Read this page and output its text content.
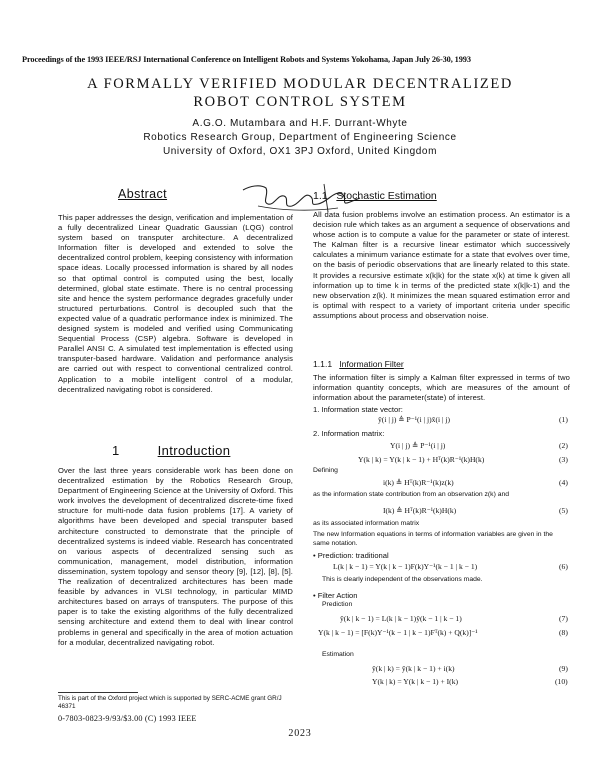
Proceedings of the 1993 IEEE/RSJ International Conference on Intelligent Robots and Systems Yokohama, Japan July 26-30, 1993
A FORMALLY VERIFIED MODULAR DECENTRALIZED
ROBOT CONTROL SYSTEM
A.G.O. Mutambara and H.F. Durrant-Whyte
Robotics Research Group, Department of Engineering Science
University of Oxford, OX1 3PJ Oxford, United Kingdom
Abstract
This paper addresses the design, verification and implementation of a fully decentralized Linear Quadratic Gaussian (LQG) control system based on transputer architecture. A decentralized Information filter is developed and extended to solve the decentralized control problem, keeping consistency with information space ideas. Locally processed information is shared by all nodes so that optimal control is computed using the best, locally determined, global state estimate. There is no central processing site and hence the system performance degrades gracefully under structured perturbations. Control is decoupled such that the expected value of a quadratic performance index is minimized. The designed system is modeled and verified using Communicating Sequential Process (CSP) algebra. Software is developed in Parallel ANSI C. A simulated test implementation is effected using transputer-based hardware. Validation and performance analysis are carried out with respect to conventional centralized control. Application to a mobile intelligent control of a modular, decentralized navigating robot is considered.
1	Introduction
Over the last three years considerable work has been done on decentralized estimation by the Robotics Research Group, Department of Engineering Science at the University of Oxford. This work involves the development of decentralized discrete-time fixed structure for multi-node data fusion problems [17]. A variety of algorithms have been developed and special transputer based architecture constructed to demonstrate that the principle of decentralized systems is indeed viable. Research has concentrated on various aspects of decentralized sensing such as communication, management, model distribution, information dissemination, system topology and sensor theory [9], [12], [8], [5]. The realization of decentralized architectures has been made feasible by advances in VLSI technology, in particular MIMD architectures based on arrays of transputers. The purpose of this paper is to take the existing algorithms of the fully decentralized sensing architecture and extend them to deal with linear control problems in general and specifically in the area of motion actuation for a modular, decentralized navigating robot.
This is part of the Oxford project which is supported by SERC-ACME grant GR/J 46371
0-7803-0823-9/93/$3.00 (C) 1993 IEEE
2023
1.1 Stochastic Estimation
All data fusion problems involve an estimation process. An estimator is a decision rule which takes as an argument a sequence of observations and whose action is to compute a value for the parameter or state of interest. The Kalman filter is a recursive linear estimator which successively calculates a minimum variance estimate for a state that evolves over time, on the basis of periodic observations that are linearly related to this state. It provides a recursive estimate x(k|k) for the state x(k) at time k given all information up to time k in terms of the predicted state x(k|k-1) and the new observation z(k). It minimizes the mean squared estimation error and is optimal with respect to a variety of important criteria under specific assumptions about process and observation noise.
1.1.1 Information Filter
The information filter is simply a Kalman filter expressed in terms of two information quantity concepts, which are measures of the amount of information about the parameter(state) of interest.
1. Information state vector:
ŷ(i | j) ≜ P⁻¹(i | j)x̂(i | j)	(1)
2. Information matrix:
Y(i | j) ≜ P⁻¹(i | j)	(2)
Y(k | k) = Y(k | k − 1) + Hᵀ(k)R⁻¹(k)H(k)	(3)
Defining
i(k) ≜ Hᵀ(k)R⁻¹(k)z(k)	(4)
as the information state contribution from an observation z(k) and
I(k) ≜ Hᵀ(k)R⁻¹(k)H(k)	(5)
as its associated information matrix
The new Information equations in terms of information variables are given in the same notation.
• Prediction: traditional
L(k | k − 1) = Y(k | k − 1)F(k)Y⁻¹(k − 1 | k − 1)	(6)
This is clearly independent of the observations made.
• Filter Action
Prediction
ŷ(k | k − 1) = L(k | k − 1)ŷ(k − 1 | k − 1)	(7)
Y(k | k − 1) = [F(k)Y⁻¹(k − 1 | k − 1)Fᵀ(k) + Q(k)]⁻¹	(8)
Estimation
ŷ(k | k) = ŷ(k | k − 1) + i(k)	(9)
Y(k | k) = Y(k | k − 1) + I(k)	(10)
